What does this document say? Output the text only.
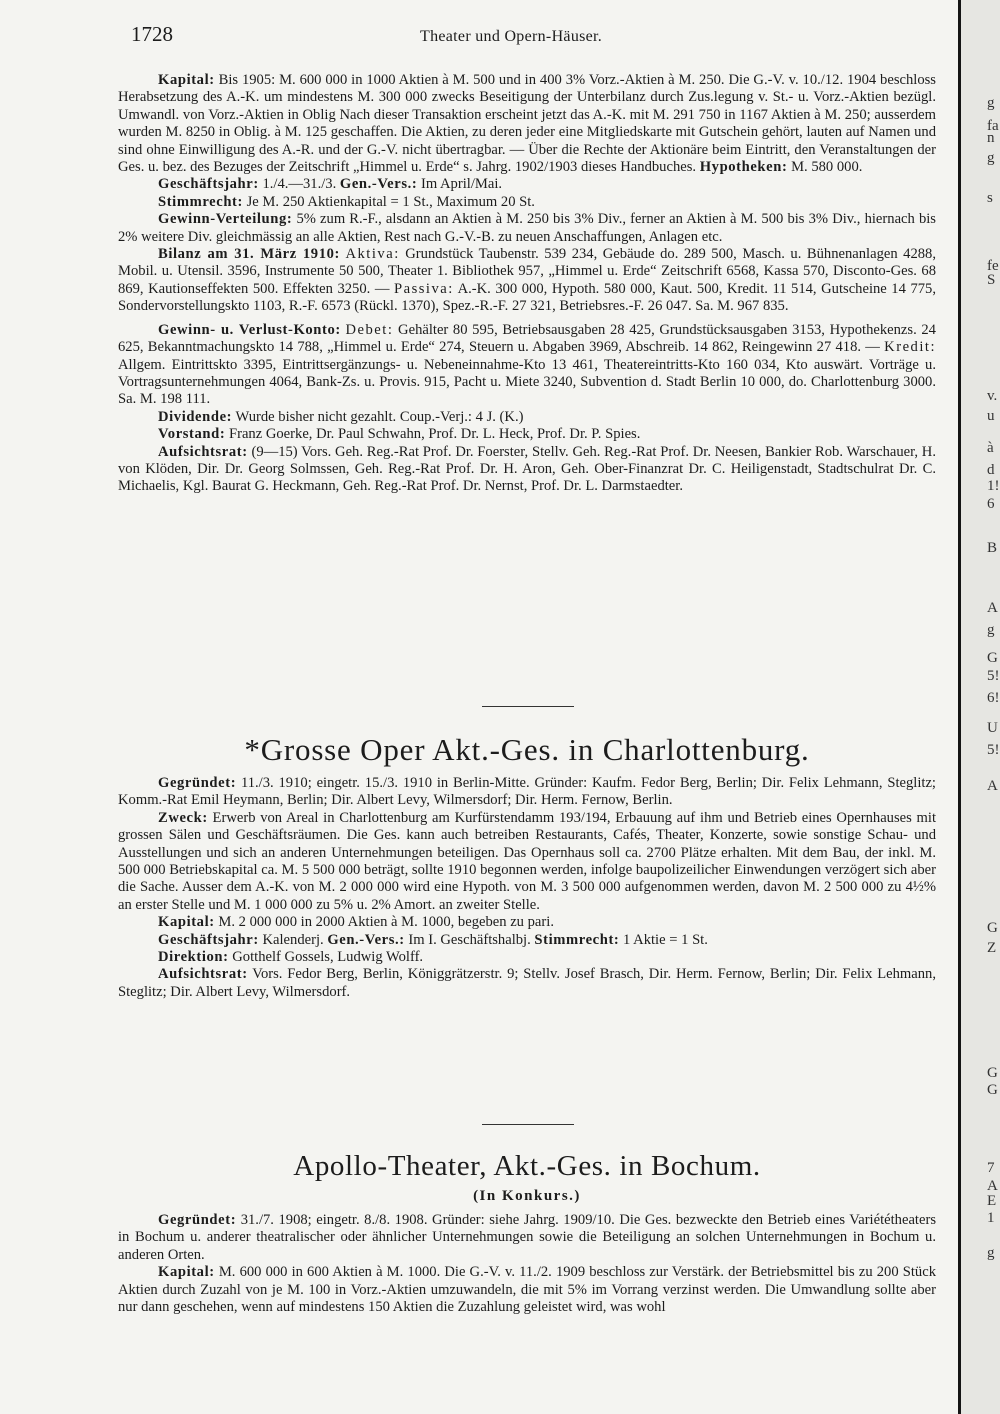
1728	Theater und Opern-Häuser.

Kapital: Bis 1905: M. 600 000 in 1000 Aktien à M. 500 und in 400 3% Vorz.-Aktien à M. 250. Die G.-V. v. 10./12. 1904 beschloss Herabsetzung des A.-K. um mindestens M. 300 000 zwecks Beseitigung der Unterbilanz durch Zus.legung v. St.- u. Vorz.-Aktien bezügl. Umwandl. von Vorz.-Aktien in Oblig Nach dieser Transaktion erscheint jetzt das A.-K. mit M. 291 750 in 1167 Aktien à M. 250; ausserdem wurden M. 8250 in Oblig. à M. 125 geschaffen. Die Aktien, zu deren jeder eine Mitgliedskarte mit Gutschein gehört, lauten auf Namen und sind ohne Einwilligung des A.-R. und der G.-V. nicht übertragbar. — Über die Rechte der Aktionäre beim Eintritt, den Veranstaltungen der Ges. u. bez. des Bezuges der Zeitschrift „Himmel u. Erde“ s. Jahrg. 1902/1903 dieses Handbuches. Hypotheken: M. 580 000.

Geschäftsjahr: 1./4.—31./3. Gen.-Vers.: Im April/Mai.

Stimmrecht: Je M. 250 Aktienkapital = 1 St., Maximum 20 St.

Gewinn-Verteilung: 5% zum R.-F., alsdann an Aktien à M. 250 bis 3% Div., ferner an Aktien à M. 500 bis 3% Div., hiernach bis 2% weitere Div. gleichmässig an alle Aktien, Rest nach G.-V.-B. zu neuen Anschaffungen, Anlagen etc.

Bilanz am 31. März 1910: Aktiva: Grundstück Taubenstr. 539 234, Gebäude do. 289 500, Masch. u. Bühnenanlagen 4288, Mobil. u. Utensil. 3596, Instrumente 50 500, Theater 1. Bibliothek 957, „Himmel u. Erde“ Zeitschrift 6568, Kassa 570, Disconto-Ges. 68 869, Kautionseffekten 500. Effekten 3250. — Passiva: A.-K. 300 000, Hypoth. 580 000, Kaut. 500, Kredit. 11 514, Gutscheine 14 775, Sondervorstellungskto 1103, R.-F. 6573 (Rückl. 1370), Spez.-R.-F. 27 321, Betriebsres.-F. 26 047. Sa. M. 967 835.

Gewinn- u. Verlust-Konto: Debet: Gehälter 80 595, Betriebsausgaben 28 425, Grundstücksausgaben 3153, Hypothekenzs. 24 625, Bekanntmachungskto 14 788, „Himmel u. Erde“ 274, Steuern u. Abgaben 3969, Abschreib. 14 862, Reingewinn 27 418. — Kredit: Allgem. Eintrittskto 3395, Eintrittsergänzungs- u. Nebeneinnahme-Kto 13 461, Theatereintritts-Kto 160 034, Kto auswärt. Vorträge u. Vortragsunternehmungen 4064, Bank-Zs. u. Provis. 915, Pacht u. Miete 3240, Subvention d. Stadt Berlin 10 000, do. Charlottenburg 3000. Sa. M. 198 111.

Dividende: Wurde bisher nicht gezahlt. Coup.-Verj.: 4 J. (K.)

Vorstand: Franz Goerke, Dr. Paul Schwahn, Prof. Dr. L. Heck, Prof. Dr. P. Spies.

Aufsichtsrat: (9—15) Vors. Geh. Reg.-Rat Prof. Dr. Foerster, Stellv. Geh. Reg.-Rat Prof. Dr. Neesen, Bankier Rob. Warschauer, H. von Klöden, Dir. Dr. Georg Solmssen, Geh. Reg.-Rat Prof. Dr. H. Aron, Geh. Ober-Finanzrat Dr. C. Heiligenstadt, Stadtschulrat Dr. C. Michaelis, Kgl. Baurat G. Heckmann, Geh. Reg.-Rat Prof. Dr. Nernst, Prof. Dr. L. Darmstaedter.

*Grosse Oper Akt.-Ges. in Charlottenburg.

Gegründet: 11./3. 1910; eingetr. 15./3. 1910 in Berlin-Mitte. Gründer: Kaufm. Fedor Berg, Berlin; Dir. Felix Lehmann, Steglitz; Komm.-Rat Emil Heymann, Berlin; Dir. Albert Levy, Wilmersdorf; Dir. Herm. Fernow, Berlin.

Zweck: Erwerb von Areal in Charlottenburg am Kurfürstendamm 193/194, Erbauung auf ihm und Betrieb eines Opernhauses mit grossen Sälen und Geschäftsräumen. Die Ges. kann auch betreiben Restaurants, Cafés, Theater, Konzerte, sowie sonstige Schau- und Ausstellungen und sich an anderen Unternehmungen beteiligen. Das Opernhaus soll ca. 2700 Plätze erhalten. Mit dem Bau, der inkl. M. 500 000 Betriebskapital ca. M. 5 500 000 beträgt, sollte 1910 begonnen werden, infolge baupolizeilicher Einwendungen verzögert sich aber die Sache. Ausser dem A.-K. von M. 2 000 000 wird eine Hypoth. von M. 3 500 000 aufgenommen werden, davon M. 2 500 000 zu 4½% an erster Stelle und M. 1 000 000 zu 5% u. 2% Amort. an zweiter Stelle.

Kapital: M. 2 000 000 in 2000 Aktien à M. 1000, begeben zu pari.

Geschäftsjahr: Kalenderj. Gen.-Vers.: Im I. Geschäftshalbj. Stimmrecht: 1 Aktie = 1 St.

Direktion: Gotthelf Gossels, Ludwig Wolff.

Aufsichtsrat: Vors. Fedor Berg, Berlin, Königgrätzerstr. 9; Stellv. Josef Brasch, Dir. Herm. Fernow, Berlin; Dir. Felix Lehmann, Steglitz; Dir. Albert Levy, Wilmersdorf.

Apollo-Theater, Akt.-Ges. in Bochum.
(In Konkurs.)

Gegründet: 31./7. 1908; eingetr. 8./8. 1908. Gründer: siehe Jahrg. 1909/10. Die Ges. bezweckte den Betrieb eines Variététheaters in Bochum u. anderer theatralischer oder ähnlicher Unternehmungen sowie die Beteiligung an solchen Unternehmungen in Bochum u. anderen Orten.

Kapital: M. 600 000 in 600 Aktien à M. 1000. Die G.-V. v. 11./2. 1909 beschloss zur Verstärk. der Betriebsmittel bis zu 200 Stück Aktien durch Zuzahl von je M. 100 in Vorz.-Aktien umzuwandeln, die mit 5% im Vorrang verzinst werden. Die Umwandlung sollte aber nur dann geschehen, wenn auf mindestens 150 Aktien die Zuzahlung geleistet wird, was wohl

g
fa
n
g
s
fe
S
v.
u
à
d
1!
6
B
A
g
G
5!
6!
U
5!
A
G
Z
G
G
7
A
E
1
g
